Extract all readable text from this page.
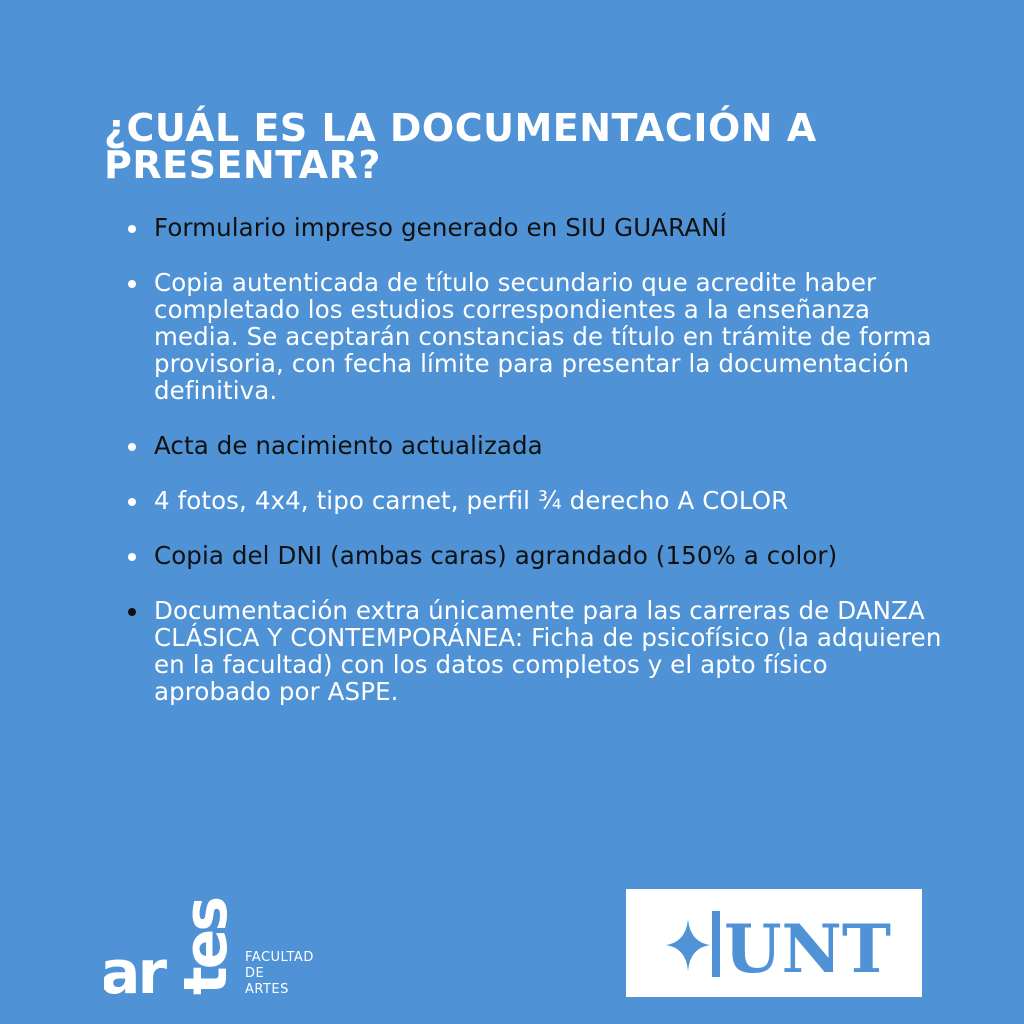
¿CUÁL ES LA DOCUMENTACIÓN A PRESENTAR?
Formulario impreso generado en SIU GUARANÍ
Copia autenticada de título secundario que acredite haber completado los estudios correspondientes a la enseñanza media. Se aceptarán constancias de título en trámite de forma provisoria, con fecha límite para presentar la documentación definitiva.
Acta de nacimiento actualizada
4 fotos, 4x4, tipo carnet, perfil ¾ derecho A COLOR
Copia del DNI (ambas caras) agrandado (150% a color)
Documentación extra únicamente para las carreras de DANZA CLÁSICA Y CONTEMPORÁNEA: Ficha de psicofísico (la adquieren en la facultad) con los datos completos y el apto físico aprobado por ASPE.
ar tes FACULTAD
DE
ARTES

UNT
